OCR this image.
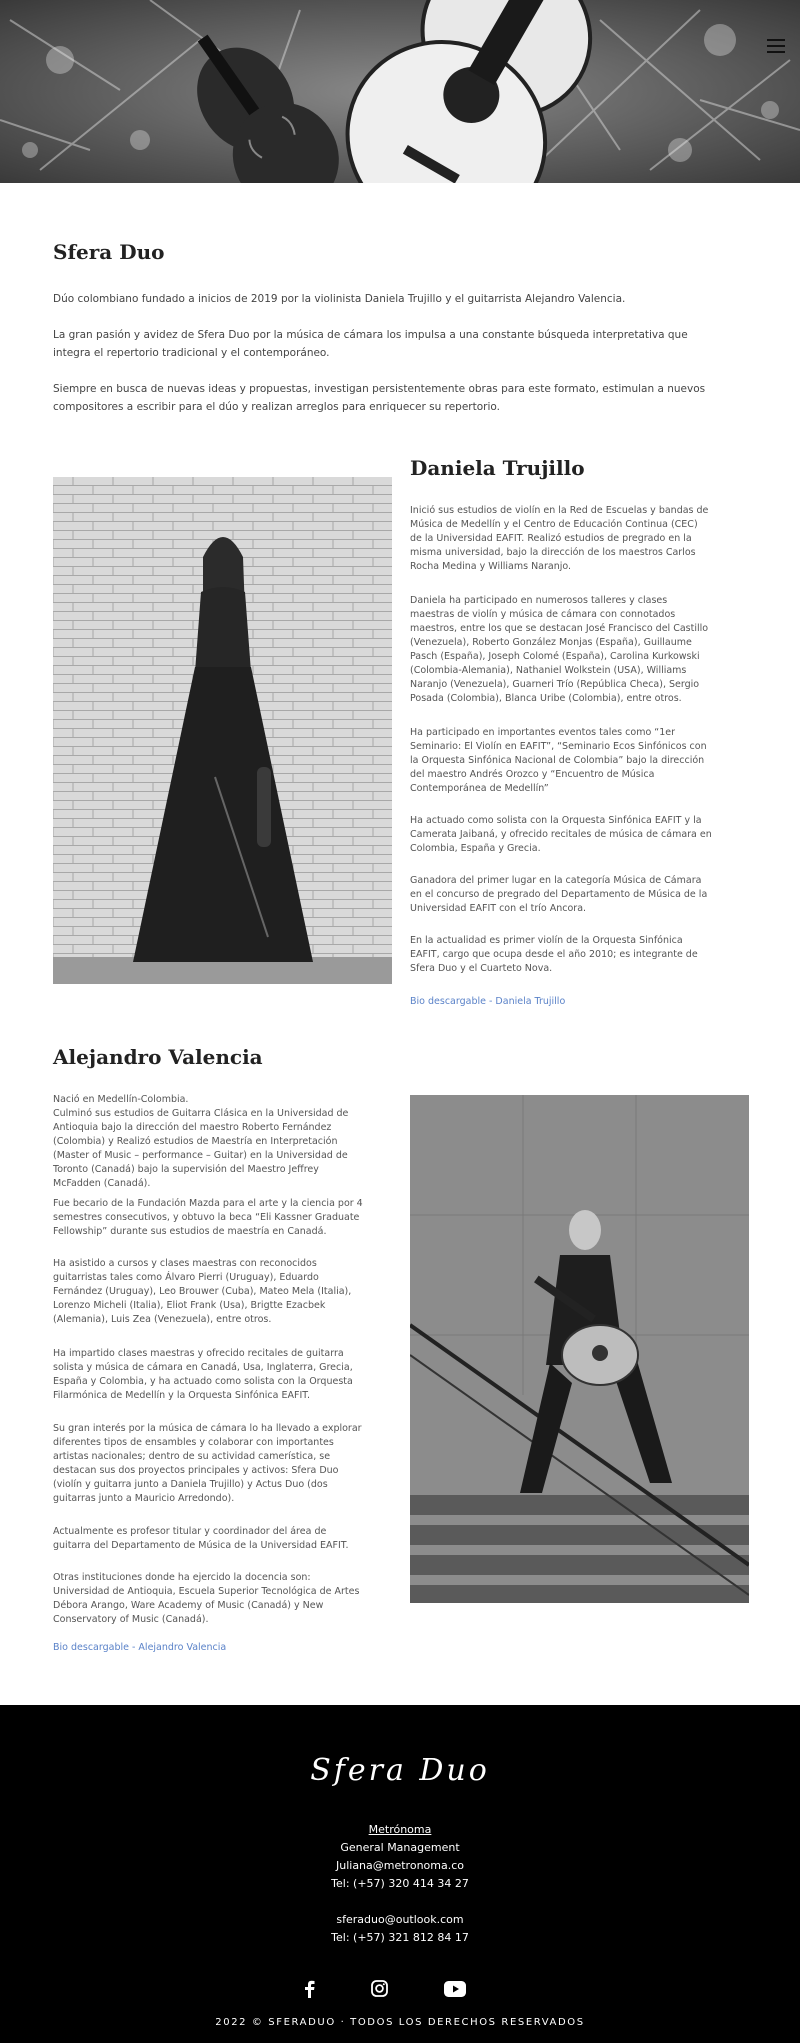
Sfera Duo

Dúo colombiano fundado a inicios de 2019 por la violinista Daniela Trujillo y el guitarrista Alejandro Valencia.

La gran pasión y avidez de Sfera Duo por la música de cámara los impulsa a una constante búsqueda interpretativa que integra el repertorio tradicional y el contemporáneo.

Siempre en busca de nuevas ideas y propuestas, investigan persistentemente obras para este formato, estimulan a nuevos compositores a escribir para el dúo y realizan arreglos para enriquecer su repertorio.

Daniela Trujillo

Inició sus estudios de violín en la Red de Escuelas y bandas de Música de Medellín y el Centro de Educación Continua (CEC) de la Universidad EAFIT. Realizó estudios de pregrado en la misma universidad, bajo la dirección de los maestros Carlos Rocha Medina y Williams Naranjo.

Daniela ha participado en numerosos talleres y clases maestras de violín y música de cámara con connotados maestros, entre los que se destacan José Francisco del Castillo (Venezuela), Roberto González Monjas (España), Guillaume Pasch (España), Joseph Colomé (España), Carolina Kurkowski (Colombia-Alemania), Nathaniel Wolkstein (USA), Williams Naranjo (Venezuela), Guarneri Trío (República Checa), Sergio Posada (Colombia), Blanca Uribe (Colombia), entre otros.

Ha participado en importantes eventos tales como “1er Seminario: El Violín en EAFIT”, “Seminario Ecos Sinfónicos con la Orquesta Sinfónica Nacional de Colombia” bajo la dirección del maestro Andrés Orozco y “Encuentro de Música Contemporánea de Medellín”

Ha actuado como solista con la Orquesta Sinfónica EAFIT y la Camerata Jaibaná, y ofrecido recitales de música de cámara en Colombia, España y Grecia.

Ganadora del primer lugar en la categoría Música de Cámara en el concurso de pregrado del Departamento de Música de la Universidad EAFIT con el trío Ancora.

En la actualidad es primer violín de la Orquesta Sinfónica EAFIT, cargo que ocupa desde el año 2010; es integrante de Sfera Duo y el Cuarteto Nova.

Bio descargable - Daniela Trujillo
Alejandro Valencia

Nació en Medellín-Colombia.
Culminó sus estudios de Guitarra Clásica en la Universidad de Antioquia bajo la dirección del maestro Roberto Fernández (Colombia) y Realizó estudios de Maestría en Interpretación (Master of Music – performance – Guitar) en la Universidad de Toronto (Canadá) bajo la supervisión del Maestro Jeffrey McFadden (Canadá).

Fue becario de la Fundación Mazda para el arte y la ciencia por 4 semestres consecutivos, y obtuvo la beca “Eli Kassner Graduate Fellowship” durante sus estudios de maestría en Canadá.

Ha asistido a cursos y clases maestras con reconocidos guitarristas tales como Álvaro Pierri (Uruguay), Eduardo Fernández (Uruguay), Leo Brouwer (Cuba), Mateo Mela (Italia), Lorenzo Micheli (Italia), Eliot Frank (Usa), Brigtte Ezacbek (Alemania), Luis Zea (Venezuela), entre otros.

Ha impartido clases maestras y ofrecido recitales de guitarra solista y música de cámara en Canadá, Usa, Inglaterra, Grecia, España y Colombia, y ha actuado como solista con la Orquesta Filarmónica de Medellín y la Orquesta Sinfónica EAFIT.

Su gran interés por la música de cámara lo ha llevado a explorar diferentes tipos de ensambles y colaborar con importantes artistas nacionales; dentro de su actividad camerística, se destacan sus dos proyectos principales y activos: Sfera Duo (violín y guitarra junto a Daniela Trujillo) y Actus Duo (dos guitarras junto a Mauricio Arredondo).

Actualmente es profesor titular y coordinador del área de guitarra del Departamento de Música de la Universidad EAFIT.

Otras instituciones donde ha ejercido la docencia son: Universidad de Antioquia, Escuela Superior Tecnológica de Artes Débora Arango, Ware Academy of Music (Canadá) y New Conservatory of Music (Canadá).

Bio descargable - Alejandro Valencia
Sfera Duo
Metrónoma
General Management
Juliana@metronoma.co
Tel: (+57) 320 414 34 27
sferaduo@outlook.com
Tel: (+57) 321 812 84 17
2022 © SFERADUO · TODOS LOS DERECHOS RESERVADOS
